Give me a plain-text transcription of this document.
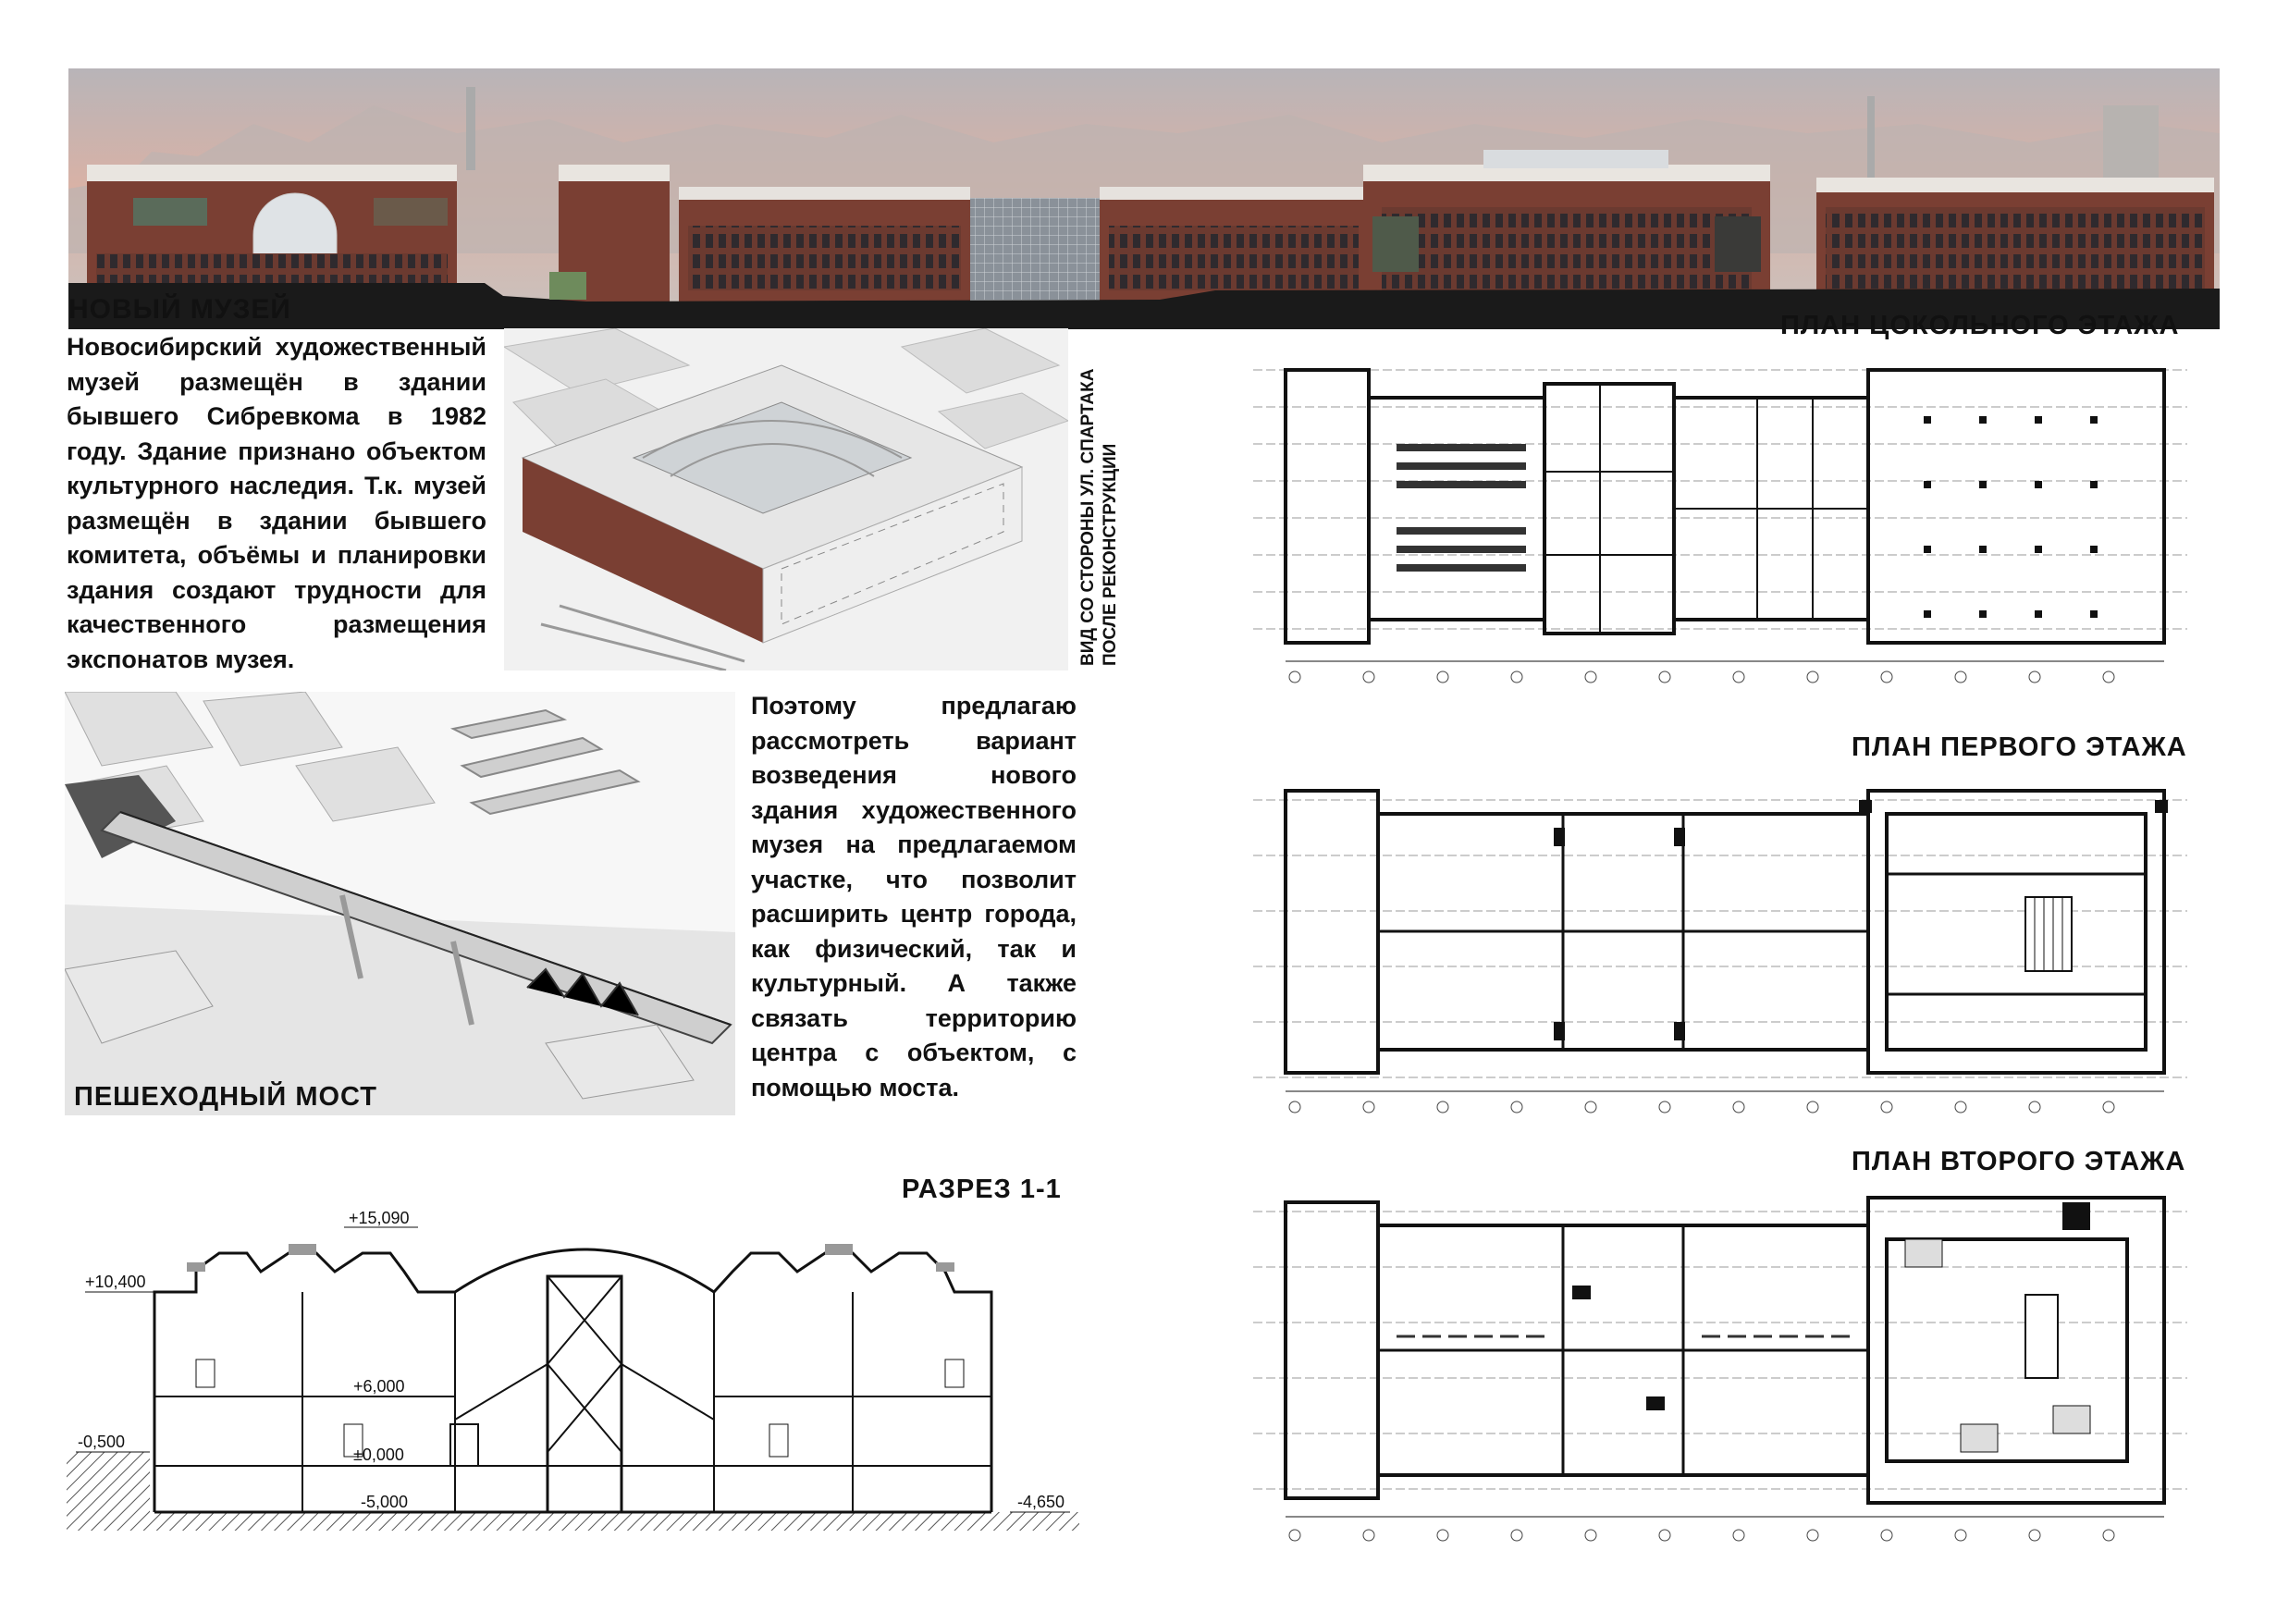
НОВЫЙ МУЗЕЙ
Новосибирский художественный музей размещён в здании бывшего Сибревкома в 1982 году. Здание признано объектом культурного наследия. Т.к. музей размещён в здании бывшего комитета, объёмы и планировки здания создают трудности для качественного размещения экспонатов музея.	ВИД СО СТОРОНЫ УЛ. СПАРТАКА ПОСЛЕ РЕКОНСТРУКЦИИ
ПЕШЕХОДНЫЙ МОСТ
Поэтому предлагаю рассмотреть вариант возведения нового здания художественного музея на предлагаемом участке, что позволит расширить центр города, как физический, так и культурный. А также связать территорию центра с объектом, с помощью моста.
РАЗРЕЗ 1-1
+15,090
+10,400
+6,000
±0,000
-0,500
-5,000	-4,650
ПЛАН ЦОКОЛЬНОГО ЭТАЖА
ПЛАН ПЕРВОГО ЭТАЖА
ПЛАН ВТОРОГО ЭТАЖА
